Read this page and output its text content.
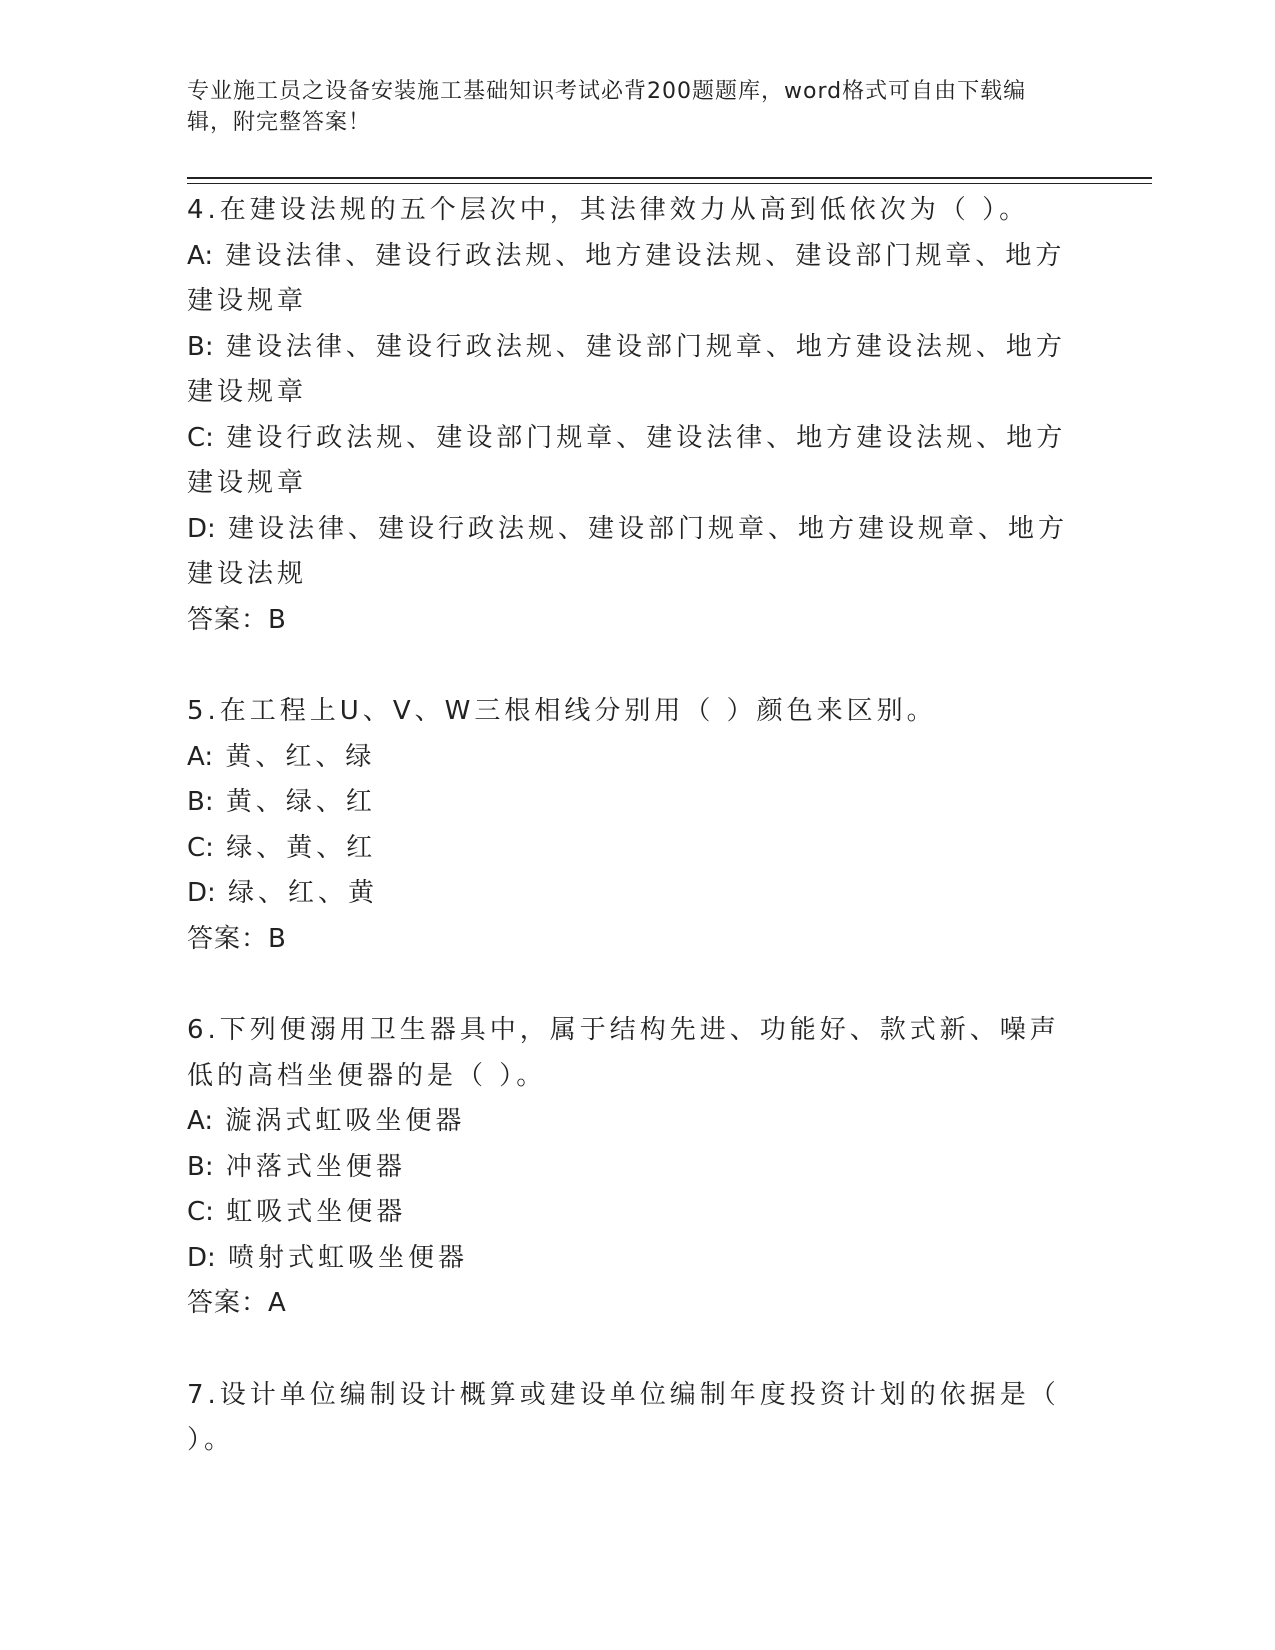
专业施工员之设备安装施工基础知识考试必背200题题库，word格式可自由下载编辑，附完整答案！

4.在建设法规的五个层次中，其法律效力从高到低依次为（ ）。

A: 建设法律、建设行政法规、地方建设法规、建设部门规章、地方建设规章

B: 建设法律、建设行政法规、建设部门规章、地方建设法规、地方建设规章

C: 建设行政法规、建设部门规章、建设法律、地方建设法规、地方建设规章

D: 建设法律、建设行政法规、建设部门规章、地方建设规章、地方建设法规

答案：B

5.在工程上U、V、W三根相线分别用（ ）颜色来区别。

A: 黄、红、绿

B: 黄、绿、红

C: 绿、黄、红

D: 绿、红、黄

答案：B

6.下列便溺用卫生器具中，属于结构先进、功能好、款式新、噪声低的高档坐便器的是（ ）。

A: 漩涡式虹吸坐便器

B: 冲落式坐便器

C: 虹吸式坐便器

D: 喷射式虹吸坐便器

答案：A

7.设计单位编制设计概算或建设单位编制年度投资计划的依据是（ ）。
